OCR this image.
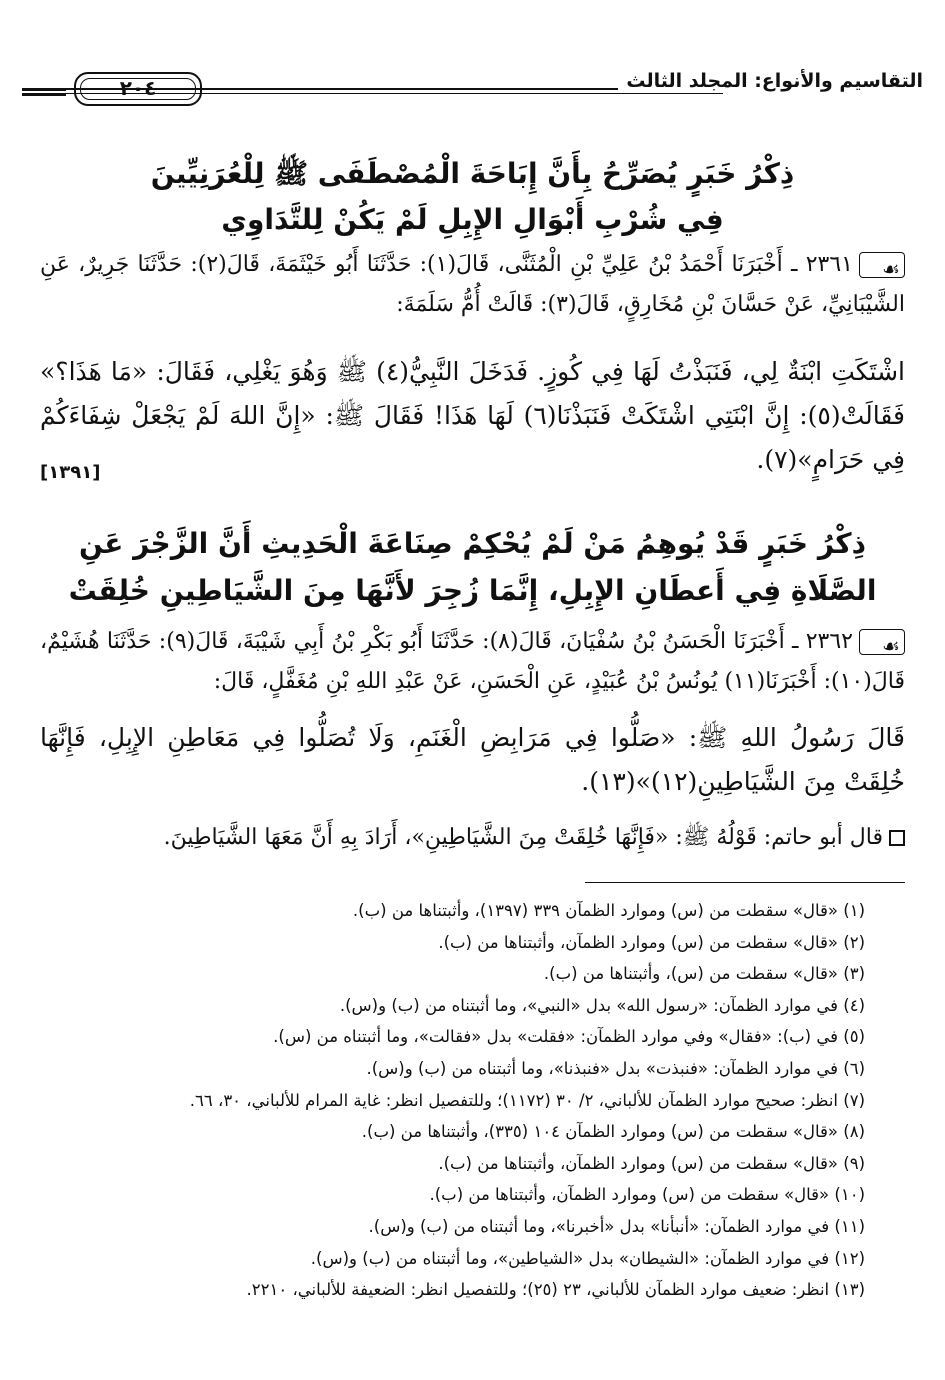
التقاسيم والأنواع: المجلد الثالث
٢٠٤
ذِكْرُ خَبَرٍ يُصَرِّحُ بِأَنَّ إِبَاحَةَ الْمُصْطَفَى ﷺ لِلْعُرَنِيِّينَ
فِي شُرْبِ أَبْوَالِ الإِبِلِ لَمْ يَكُنْ لِلتَّدَاوِي
☙٢٣٦١ ـ أَخْبَرَنَا أَحْمَدُ بْنُ عَلِيِّ بْنِ الْمُثَنَّى، قَالَ(١): حَدَّثَنَا أَبُو خَيْثَمَةَ، قَالَ(٢): حَدَّثَنَا جَرِيرٌ، عَنِ الشَّيْبَانِيِّ، عَنْ حَسَّانَ بْنِ مُخَارِقٍ، قَالَ(٣): قَالَتْ أُمُّ سَلَمَةَ:
اشْتَكَتِ ابْنَةٌ لِي، فَنَبَذْتُ لَهَا فِي كُوزٍ. فَدَخَلَ النَّبِيُّ(٤) ﷺ وَهُوَ يَغْلِي، فَقَالَ: «مَا هَذَا؟» فَقَالَتْ(٥): إِنَّ ابْنَتِي اشْتَكَتْ فَنَبَذْنَا(٦) لَهَا هَذَا! فَقَالَ ﷺ: «إِنَّ اللهَ لَمْ يَجْعَلْ شِفَاءَكُمْ فِي حَرَامٍ»(٧).
[١٣٩١]
ذِكْرُ خَبَرٍ قَدْ يُوهِمُ مَنْ لَمْ يُحْكِمْ صِنَاعَةَ الْحَدِيثِ أَنَّ الزَّجْرَ عَنِ
الصَّلَاةِ فِي أَعطَانِ الإِبِلِ، إِنَّمَا زُجِرَ لأَنَّهَا مِنَ الشَّيَاطِينِ خُلِقَتْ
☙٢٣٦٢ ـ أَخْبَرَنَا الْحَسَنُ بْنُ سُفْيَانَ، قَالَ(٨): حَدَّثَنَا أَبُو بَكْرِ بْنُ أَبِي شَيْبَةَ، قَالَ(٩): حَدَّثَنَا هُشَيْمٌ، قَالَ(١٠): أَخْبَرَنَا(١١) يُونُسُ بْنُ عُبَيْدٍ، عَنِ الْحَسَنِ، عَنْ عَبْدِ اللهِ بْنِ مُغَفَّلٍ، قَالَ:
قَالَ رَسُولُ اللهِ ﷺ: «صَلُّوا فِي مَرَابِضِ الْغَنَمِ، وَلَا تُصَلُّوا فِي مَعَاطِنِ الإِبِلِ، فَإِنَّهَا خُلِقَتْ مِنَ الشَّيَاطِينِ(١٢)»(١٣).
قال أبو حاتم: قَوْلُهُ ﷺ: «فَإِنَّهَا خُلِقَتْ مِنَ الشَّيَاطِينِ»، أَرَادَ بِهِ أَنَّ مَعَهَا الشَّيَاطِينَ.
(١) «قال» سقطت من (س) وموارد الظمآن ٣٣٩ (١٣٩٧)، وأثبتناها من (ب).
(٢) «قال» سقطت من (س) وموارد الظمآن، وأثبتناها من (ب).
(٣) «قال» سقطت من (س)، وأثبتناها من (ب).
(٤) في موارد الظمآن: «رسول الله» بدل «النبي»، وما أثبتناه من (ب) و(س).
(٥) في (ب): «فقال» وفي موارد الظمآن: «فقلت» بدل «فقالت»، وما أثبتناه من (س).
(٦) في موارد الظمآن: «فنبذت» بدل «فنبذنا»، وما أثبتناه من (ب) و(س).
(٧) انظر: صحيح موارد الظمآن للألباني، ٢/ ٣٠ (١١٧٢)؛ وللتفصيل انظر: غاية المرام للألباني، ٣٠، ٦٦.
(٨) «قال» سقطت من (س) وموارد الظمآن ١٠٤ (٣٣٥)، وأثبتناها من (ب).
(٩) «قال» سقطت من (س) وموارد الظمآن، وأثبتناها من (ب).
(١٠) «قال» سقطت من (س) وموارد الظمآن، وأثبتناها من (ب).
(١١) في موارد الظمآن: «أنبأنا» بدل «أخبرنا»، وما أثبتناه من (ب) و(س).
(١٢) في موارد الظمآن: «الشيطان» بدل «الشياطين»، وما أثبتناه من (ب) و(س).
(١٣) انظر: ضعيف موارد الظمآن للألباني، ٢٣ (٢٥)؛ وللتفصيل انظر: الضعيفة للألباني، ٢٢١٠.
